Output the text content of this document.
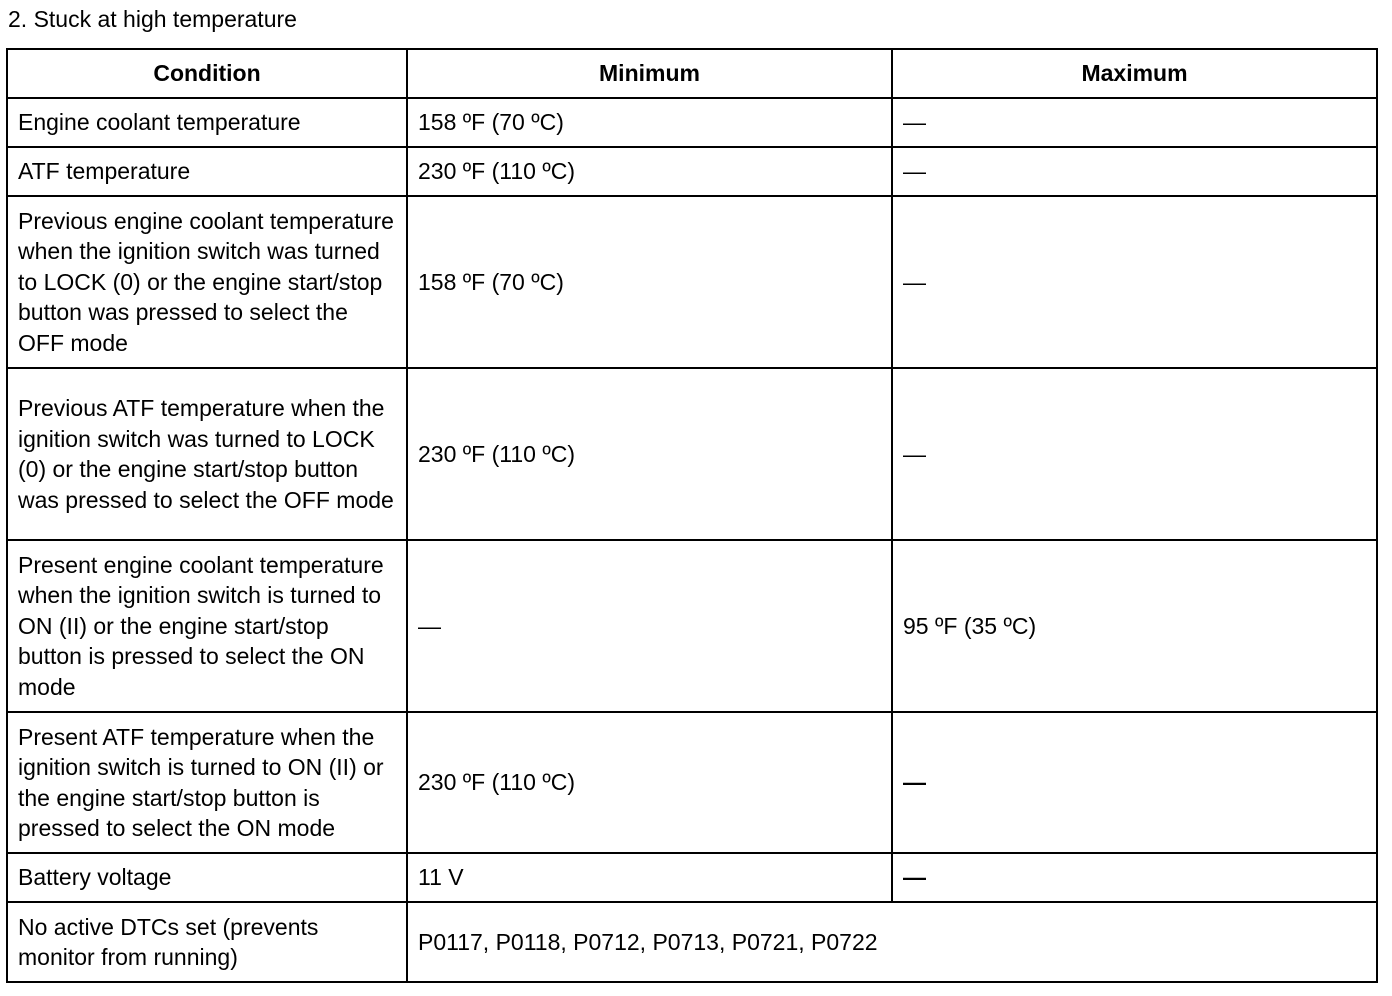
2. Stuck at high temperature
Condition	Minimum	Maximum
Engine coolant temperature	158 ºF (70 ºC)	—
ATF temperature	230 ºF (110 ºC)	—
Previous engine coolant temperature when the ignition switch was turned to LOCK (0) or the engine start/stop button was pressed to select the OFF mode	158 ºF (70 ºC)	—
Previous ATF temperature when the ignition switch was turned to LOCK (0) or the engine start/stop button was pressed to select the OFF mode	230 ºF (110 ºC)	—
Present engine coolant temperature when the ignition switch is turned to ON (II) or the engine start/stop button is pressed to select the ON mode	—	95 ºF (35 ºC)
Present ATF temperature when the ignition switch is turned to ON (II) or the engine start/stop button is pressed to select the ON mode	230 ºF (110 ºC)	—
Battery voltage	11 V	—
No active DTCs set (prevents monitor from running)	P0117, P0118, P0712, P0713, P0721, P0722	
